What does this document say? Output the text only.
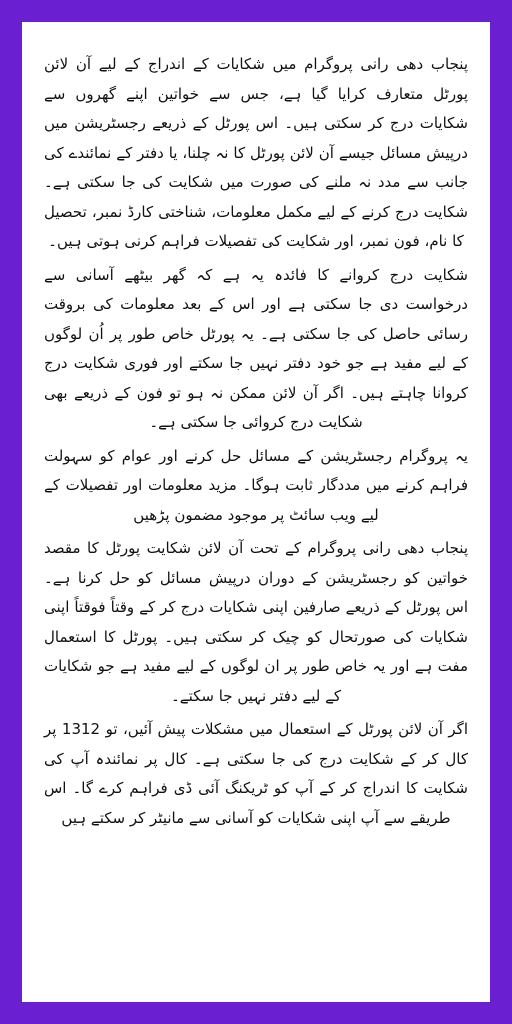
پنجاب دھی رانی پروگرام میں شکایات کے اندراج کے لیے آن لائن پورٹل متعارف کرایا گیا ہے، جس سے خواتین اپنے گھروں سے شکایات درج کر سکتی ہیں۔ اس پورٹل کے ذریعے رجسٹریشن میں درپیش مسائل جیسے آن لائن پورٹل کا نہ چلنا، یا دفتر کے نمائندے کی جانب سے مدد نہ ملنے کی صورت میں شکایت کی جا سکتی ہے۔ شکایت درج کرنے کے لیے مکمل معلومات، شناختی کارڈ نمبر، تحصیل کا نام، فون نمبر، اور شکایت کی تفصیلات فراہم کرنی ہوتی ہیں۔

شکایت درج کروانے کا فائدہ یہ ہے کہ گھر بیٹھے آسانی سے درخواست دی جا سکتی ہے اور اس کے بعد معلومات کی بروقت رسائی حاصل کی جا سکتی ہے۔ یہ پورٹل خاص طور پر اُن لوگوں کے لیے مفید ہے جو خود دفتر نہیں جا سکتے اور فوری شکایت درج کروانا چاہتے ہیں۔ اگر آن لائن ممکن نہ ہو تو فون کے ذریعے بھی شکایت درج کروائی جا سکتی ہے۔

یہ پروگرام رجسٹریشن کے مسائل حل کرنے اور عوام کو سہولت فراہم کرنے میں مددگار ثابت ہوگا۔ مزید معلومات اور تفصیلات کے لیے ویب سائٹ پر موجود مضمون پڑھیں

پنجاب دھی رانی پروگرام کے تحت آن لائن شکایت پورٹل کا مقصد خواتین کو رجسٹریشن کے دوران درپیش مسائل کو حل کرنا ہے۔ اس پورٹل کے ذریعے صارفین اپنی شکایات درج کر کے وقتاً فوقتاً اپنی شکایات کی صورتحال کو چیک کر سکتی ہیں۔ پورٹل کا استعمال مفت ہے اور یہ خاص طور پر ان لوگوں کے لیے مفید ہے جو شکایات کے لیے دفتر نہیں جا سکتے۔

اگر آن لائن پورٹل کے استعمال میں مشکلات پیش آئیں، تو 1312 پر کال کر کے شکایت درج کی جا سکتی ہے۔ کال پر نمائندہ آپ کی شکایت کا اندراج کر کے آپ کو ٹریکنگ آئی ڈی فراہم کرے گا۔ اس طریقے سے آپ اپنی شکایات کو آسانی سے مانیٹر کر سکتے ہیں
